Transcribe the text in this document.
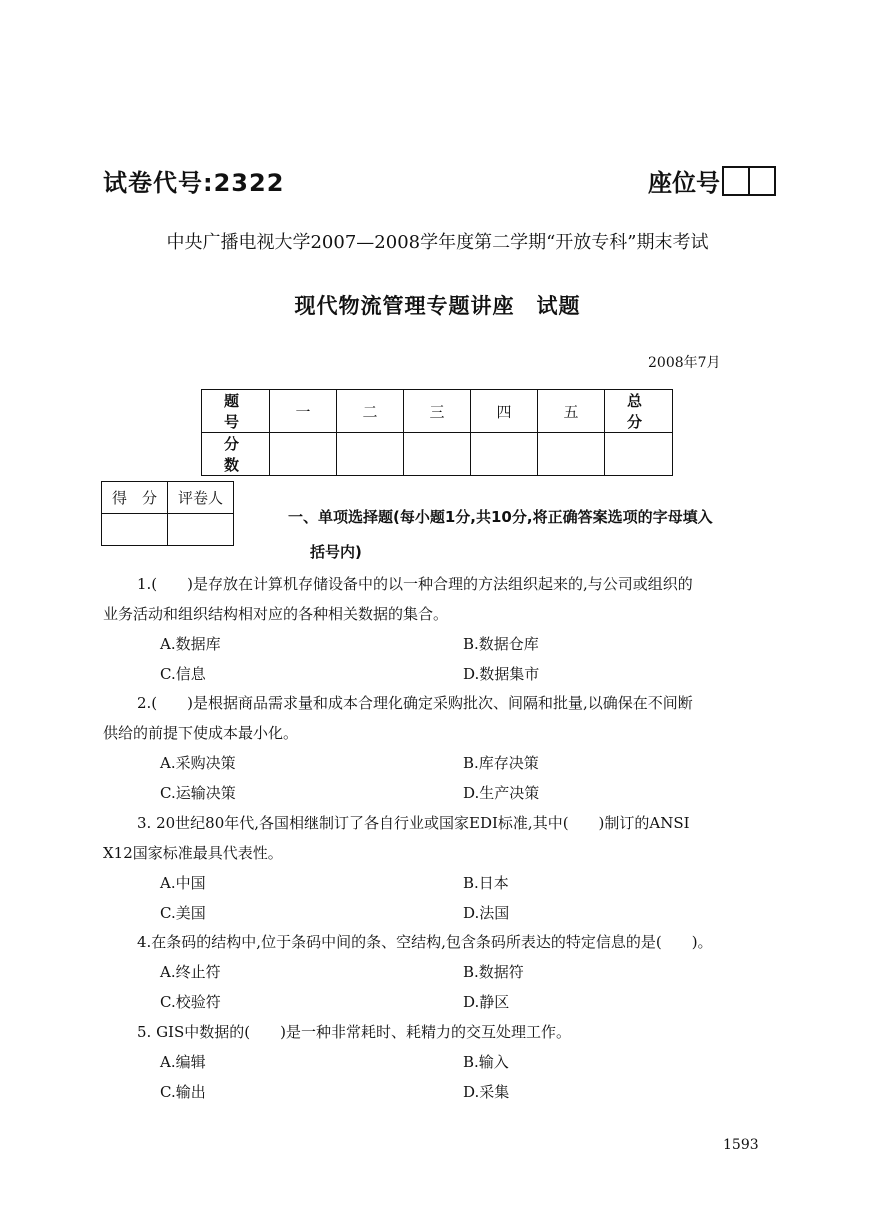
试卷代号:2322	座位号
中央广播电视大学2007—2008学年度第二学期“开放专科”期末考试
现代物流管理专题讲座　试题
2008年7月
题　号	一	二	三	四	五	总　分
分　数						
得　分	评卷人

一、单项选择题(每小题1分,共10分,将正确答案选项的字母填入
括号内)
1.(　　)是存放在计算机存储设备中的以一种合理的方法组织起来的,与公司或组织的
业务活动和组织结构相对应的各种相关数据的集合。
A.数据库	B.数据仓库
C.信息	D.数据集市
2.(　　)是根据商品需求量和成本合理化确定采购批次、间隔和批量,以确保在不间断
供给的前提下使成本最小化。
A.采购决策	B.库存决策
C.运输决策	D.生产决策
3. 20世纪80年代,各国相继制订了各自行业或国家EDI标准,其中(　　)制订的ANSI
X12国家标准最具代表性。
A.中国	B.日本
C.美国	D.法国
4.在条码的结构中,位于条码中间的条、空结构,包含条码所表达的特定信息的是(　　)。
A.终止符	B.数据符
C.校验符	D.静区
5. GIS中数据的(　　)是一种非常耗时、耗精力的交互处理工作。
A.编辑	B.输入
C.输出	D.采集
1593
